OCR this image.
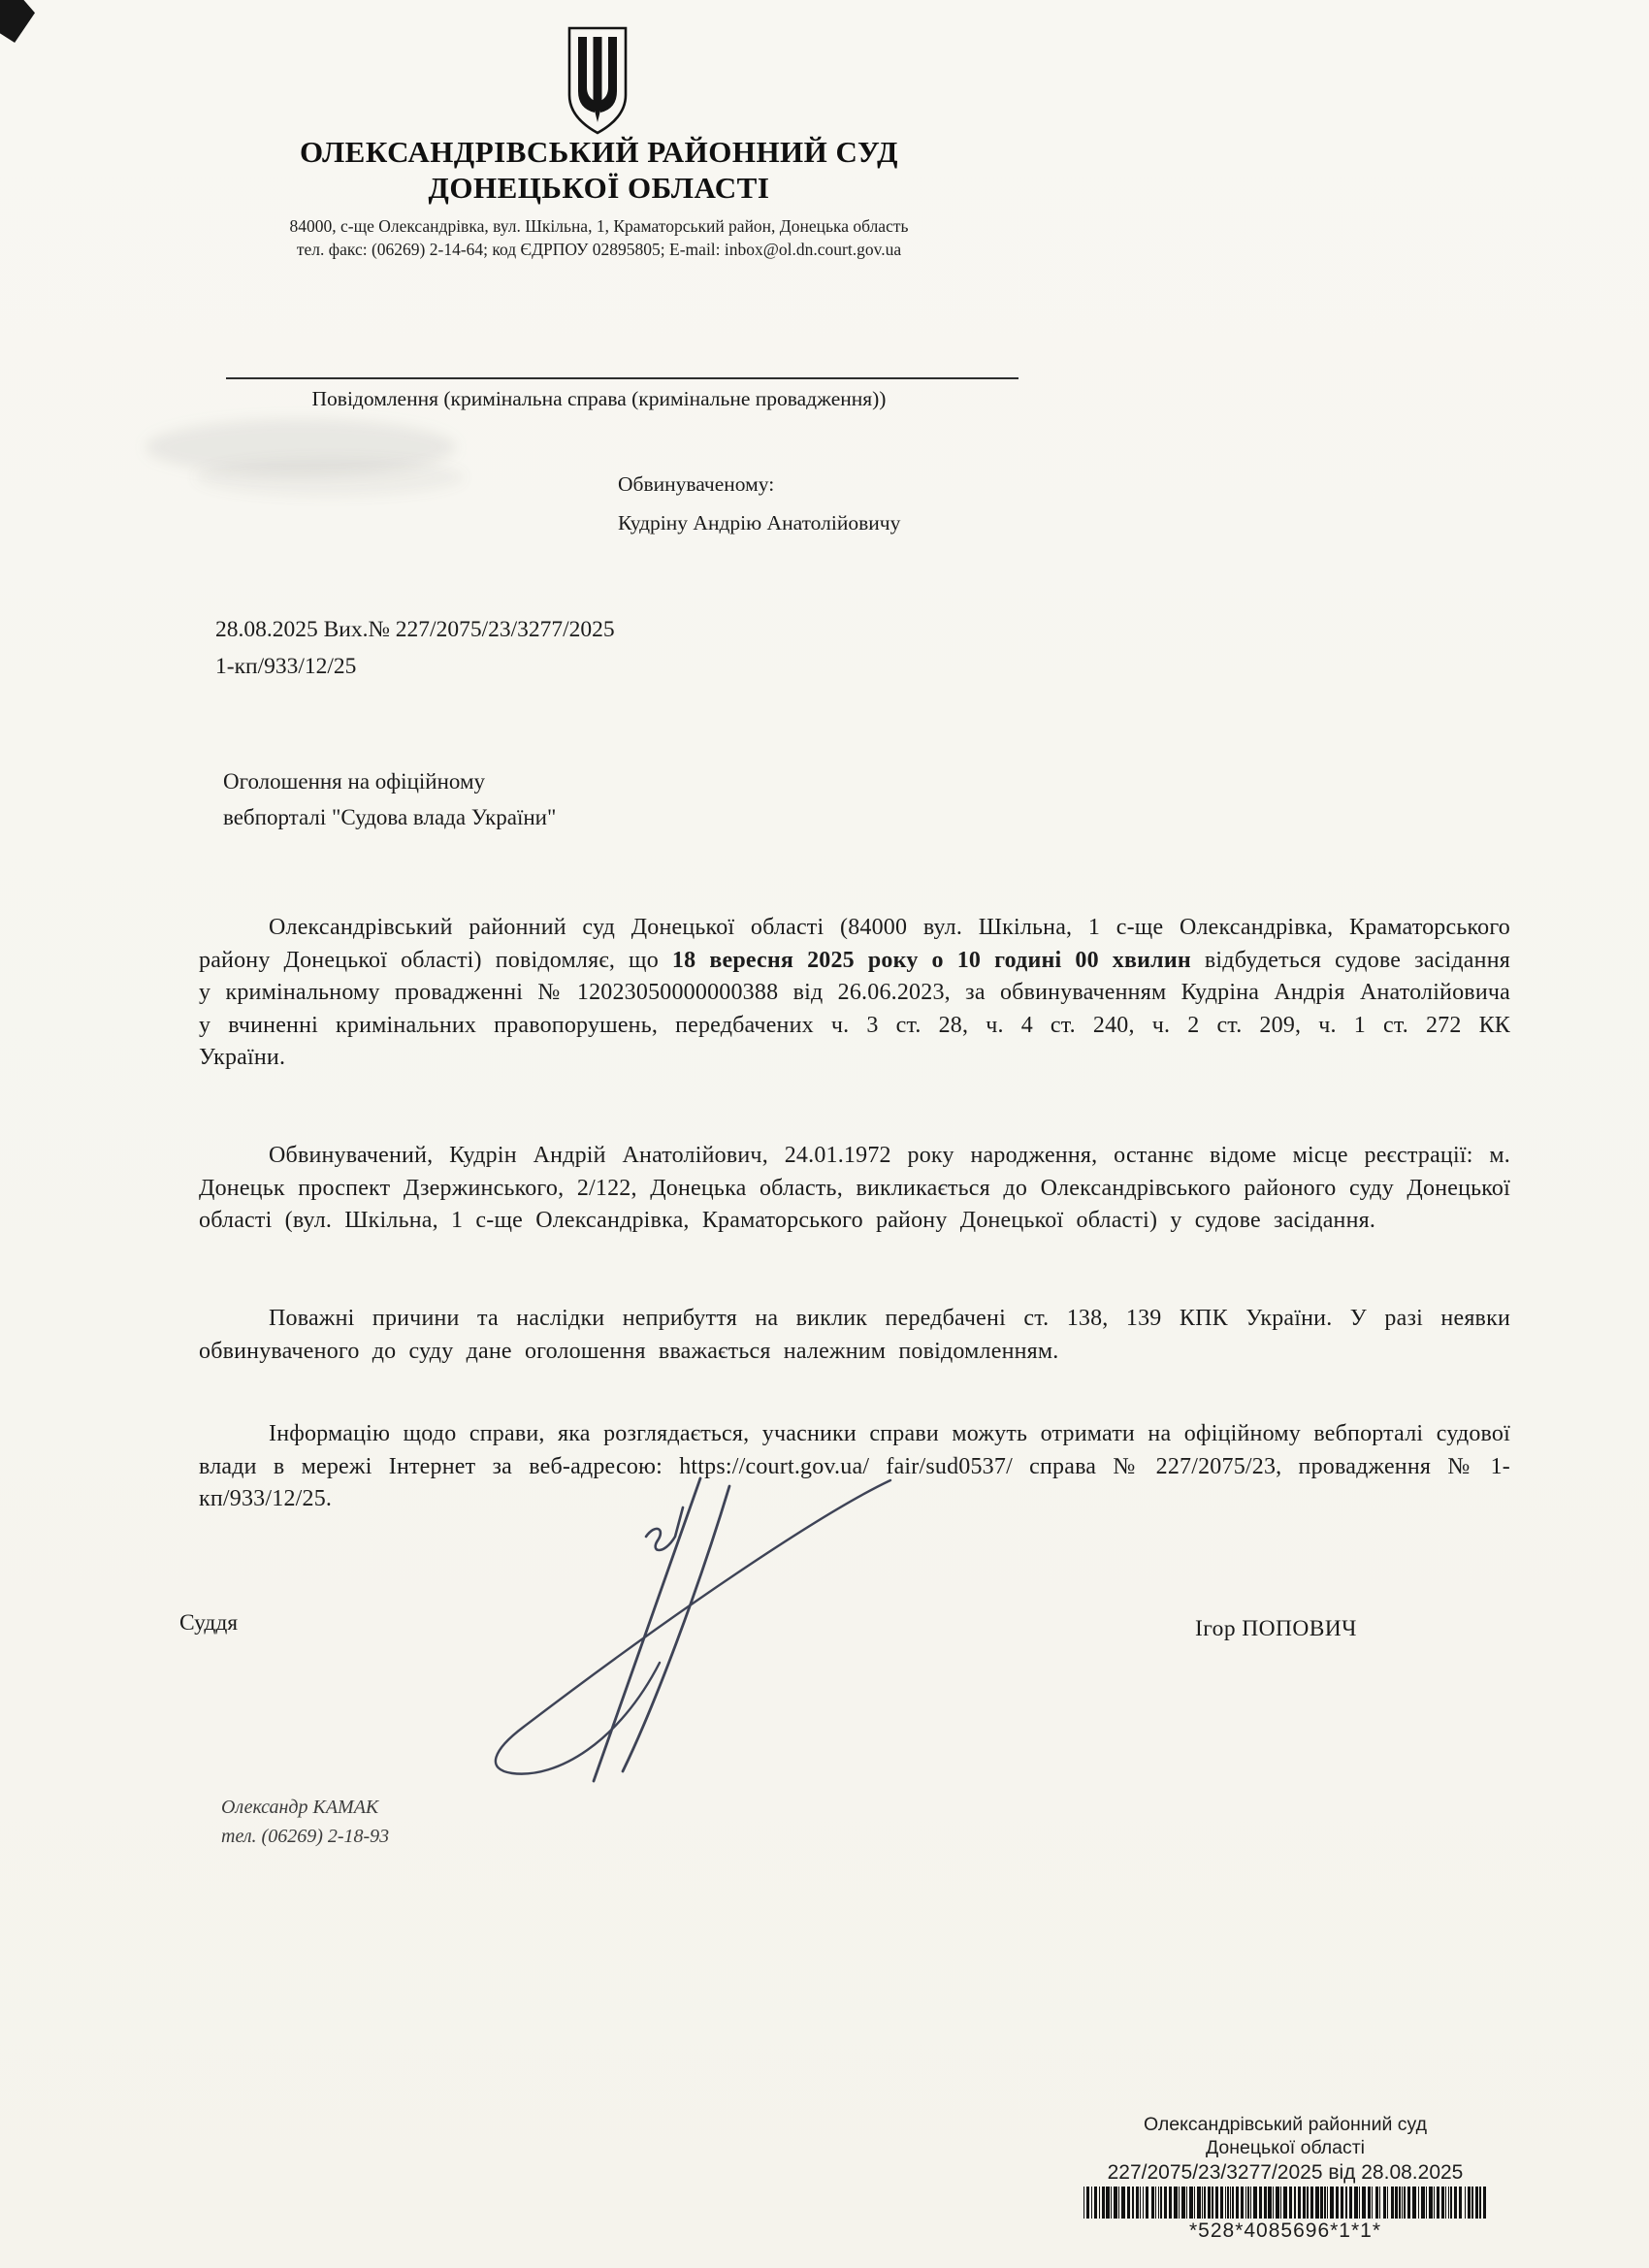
ОЛЕКСАНДРІВСЬКИЙ РАЙОННИЙ СУД
ДОНЕЦЬКОЇ ОБЛАСТІ
84000, с-ще Олександрівка, вул. Шкільна, 1, Краматорський район, Донецька область
тел. факс: (06269) 2-14-64; код ЄДРПОУ 02895805; E-mail: inbox@ol.dn.court.gov.ua
Повідомлення (кримінальна справа (кримінальне провадження))
Обвинуваченому:
Кудріну Андрію Анатолійовичу
28.08.2025 Вих.№ 227/2075/23/3277/2025
1-кп/933/12/25
Оголошення на офіційному
вебпорталі "Судова влада України"
Олександрівський районний суд Донецької області (84000 вул. Шкільна, 1 с-ще Олександрівка, Краматорського району Донецької області) повідомляє, що 18 вересня 2025 року о 10 годині 00 хвилин відбудеться судове засідання у кримінальному провадженні № 12023050000000388 від 26.06.2023, за обвинуваченням Кудріна Андрія Анатолійовича у вчиненні кримінальних правопорушень, передбачених ч. 3 ст. 28, ч. 4 ст. 240, ч. 2 ст. 209, ч. 1 ст. 272 КК України.
Обвинувачений, Кудрін Андрій Анатолійович, 24.01.1972 року народження, останнє відоме місце реєстрації: м. Донецьк проспект Дзержинського, 2/122, Донецька область, викликається до Олександрівського районого суду Донецької області (вул. Шкільна, 1 с-ще Олександрівка, Краматорського району Донецької області) у судове засідання.
Поважні причини та наслідки неприбуття на виклик передбачені ст. 138, 139 КПК України. У разі неявки обвинуваченого до суду дане оголошення вважається належним повідомленням.
Інформацію щодо справи, яка розглядається, учасники справи можуть отримати на офіційному вебпорталі судової влади в мережі Інтернет за веб-адресою: https://court.gov.ua/ fair/sud0537/ справа № 227/2075/23, провадження № 1-кп/933/12/25.
Суддя	Ігор ПОПОВИЧ
Олександр КАМАК
тел. (06269) 2-18-93
Олександрівський районний суд
Донецької області
227/2075/23/3277/2025 від 28.08.2025
*528*4085696*1*1*
